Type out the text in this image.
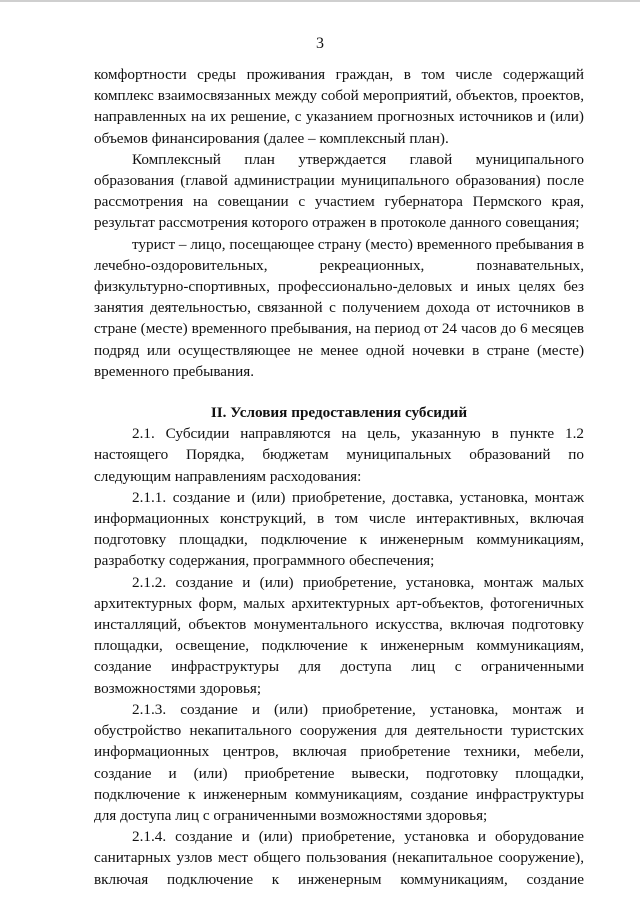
3

комфортности среды проживания граждан, в том числе содержащий комплекс взаимосвязанных между собой мероприятий, объектов, проектов, направленных на их решение, с указанием прогнозных источников и (или) объемов финансирования (далее – комплексный план).

Комплексный план утверждается главой муниципального образования (главой администрации муниципального образования) после рассмотрения на совещании с участием губернатора Пермского края, результат рассмотрения которого отражен в протоколе данного совещания;

турист – лицо, посещающее страну (место) временного пребывания в лечебно-оздоровительных, рекреационных, познавательных, физкультурно-спортивных, профессионально-деловых и иных целях без занятия деятельностью, связанной с получением дохода от источников в стране (месте) временного пребывания, на период от 24 часов до 6 месяцев подряд или осуществляющее не менее одной ночевки в стране (месте) временного пребывания.

II. Условия предоставления субсидий

2.1. Субсидии направляются на цель, указанную в пункте 1.2 настоящего Порядка, бюджетам муниципальных образований по следующим направлениям расходования:

2.1.1. создание и (или) приобретение, доставка, установка, монтаж информационных конструкций, в том числе интерактивных, включая подготовку площадки, подключение к инженерным коммуникациям, разработку содержания, программного обеспечения;

2.1.2. создание и (или) приобретение, установка, монтаж малых архитектурных форм, малых архитектурных арт-объектов, фотогеничных инсталляций, объектов монументального искусства, включая подготовку площадки, освещение, подключение к инженерным коммуникациям, создание инфраструктуры для доступа лиц с ограниченными возможностями здоровья;

2.1.3. создание и (или) приобретение, установка, монтаж и обустройство некапитального сооружения для деятельности туристских информационных центров, включая приобретение техники, мебели, создание и (или) приобретение вывески, подготовку площадки, подключение к инженерным коммуникациям, создание инфраструктуры для доступа лиц с ограниченными возможностями здоровья;

2.1.4. создание и (или) приобретение, установка и оборудование санитарных узлов мест общего пользования (некапитальное сооружение), включая подключение к инженерным коммуникациям, создание
